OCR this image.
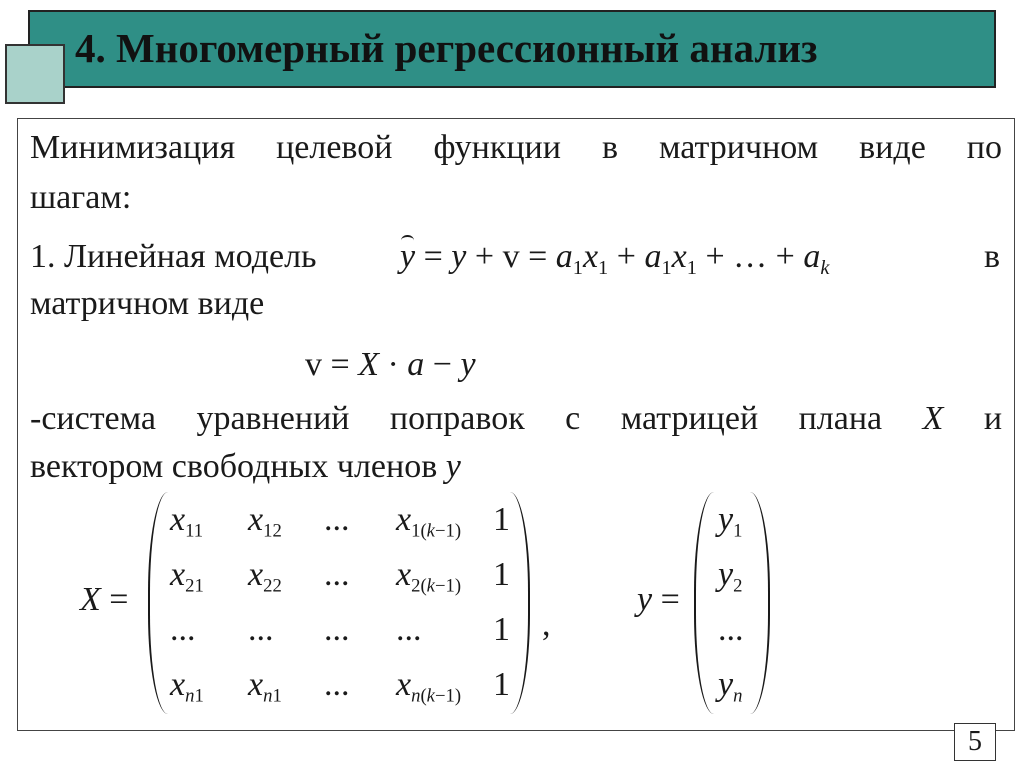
4. Многомерный регрессионный анализ
Минимизация целевой функции в матричном виде по
шагам:
1. Линейная модель $y = y + v = a_1x_1 + a_1x_1$ + … + $a_k$	в
матричном виде
v = X · a − y
-система уравнений поправок с матрицей плана X и
вектором свободных членов y
X =
$x_{11}$ $x_{12}$ ... $x_{1(k-1)}$ 1
$x_{21}$ $x_{22}$ ... $x_{2(k-1)}$ 1
... ... ... ... 1
$x_{n1}$ $x_{n1}$ ... $x_{n(k-1)}$ 1
,
y =
$y_1$
$y_2$
...
$y_n$
5
